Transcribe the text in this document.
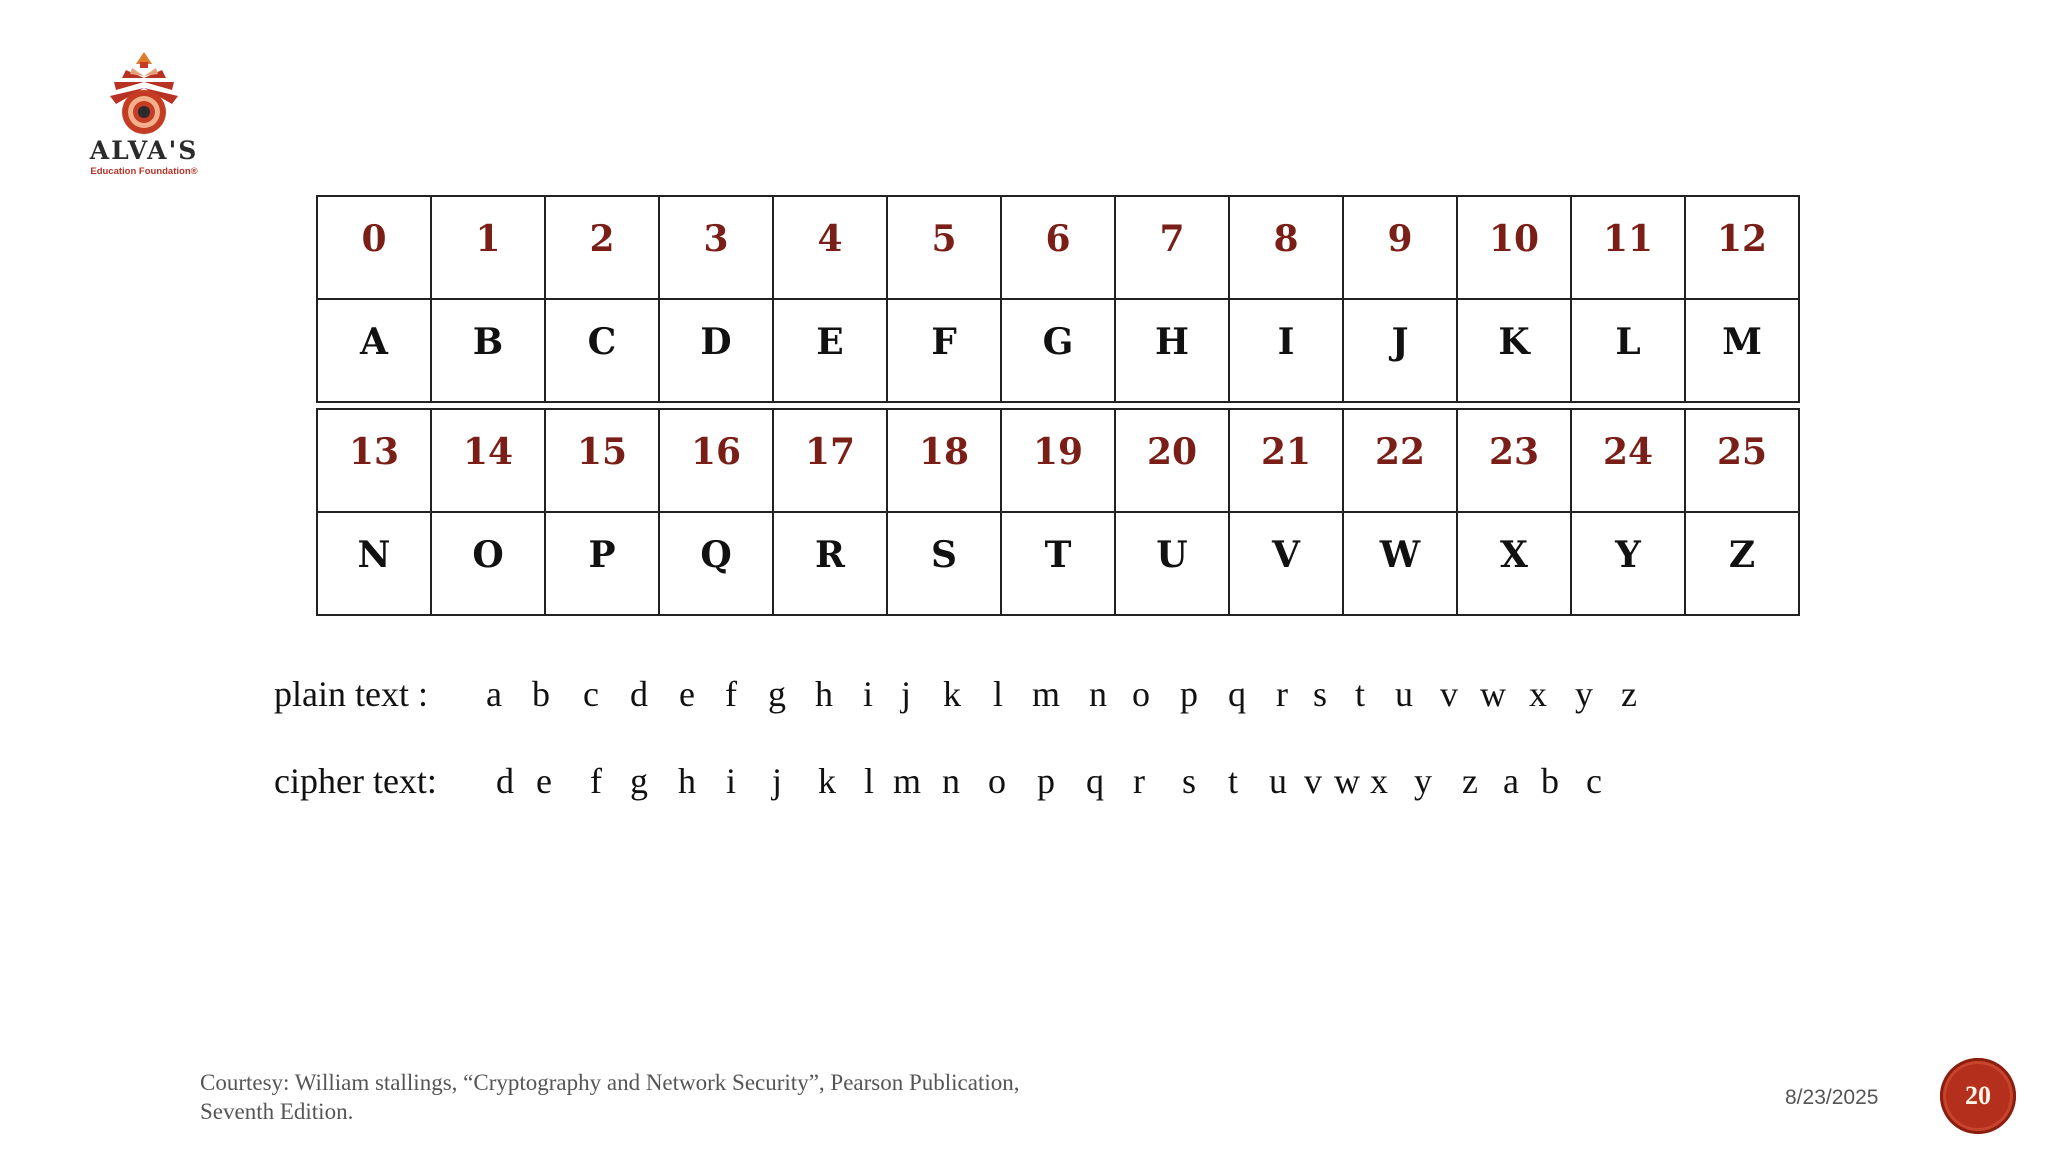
ALVA'S
Education Foundation®
0	1	2	3	4	5	6	7	8	9	10	11	12
A	B	C	D	E	F	G	H	I	J	K	L	M
13	14	15	16	17	18	19	20	21	22	23	24	25
N	O	P	Q	R	S	T	U	V	W	X	Y	Z
plain text :	a b c d e f g h i j k l m n o p q r s t u v w x y z
cipher text:	d e	f g h i j	k l m n o p q r	s t u v w x y z a b c
Courtesy: William stallings, “Cryptography and Network Security”, Pearson Publication,
Seventh Edition.
8/23/2025	20
